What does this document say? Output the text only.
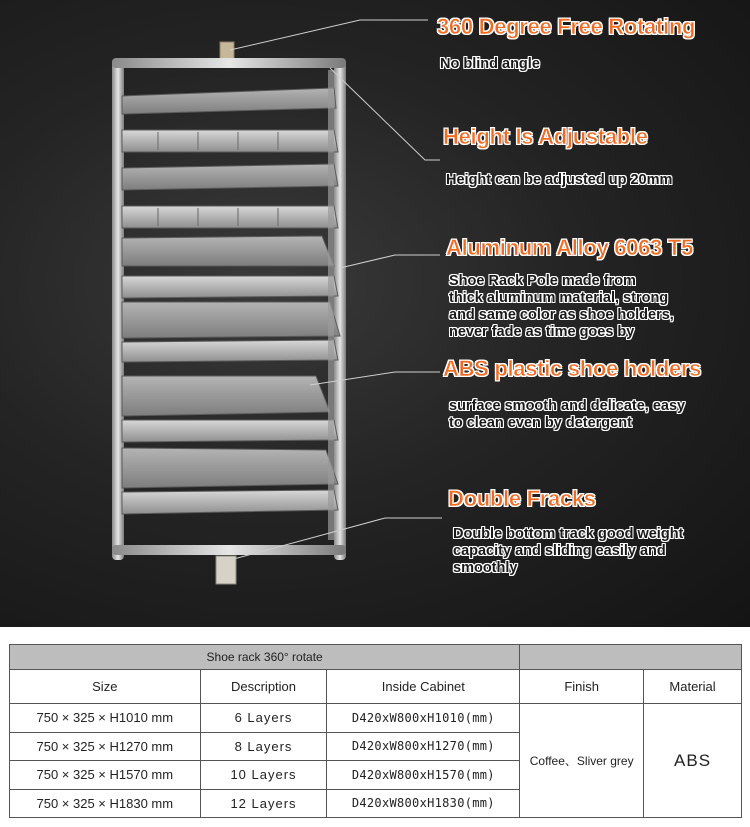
360 Degree Free Rotating
No blind angle
Height Is Adjustable
Height can be adjusted up 20mm
Aluminum Alloy 6063 T5
Shoe Rack Pole made from
thick aluminum material, strong
and same color as shoe holders,
never fade as time goes by
ABS plastic shoe holders
surface smooth and delicate, easy
to clean even by detergent
Double Fracks
Double bottom track good weight
capacity and sliding easily and
smoothly
Shoe rack 360° rotate				
Size	Description	Inside Cabinet	Finish	Material
750 × 325 × H1010 mm	6 Layers	D420xW800xH1010(mm)	Coffee、Sliver grey	ABS
750 × 325 × H1270 mm	8 Layers	D420xW800xH1270(mm)		
750 × 325 × H1570 mm	10 Layers	D420xW800xH1570(mm)		
750 × 325 × H1830 mm	12 Layers	D420xW800xH1830(mm)		
